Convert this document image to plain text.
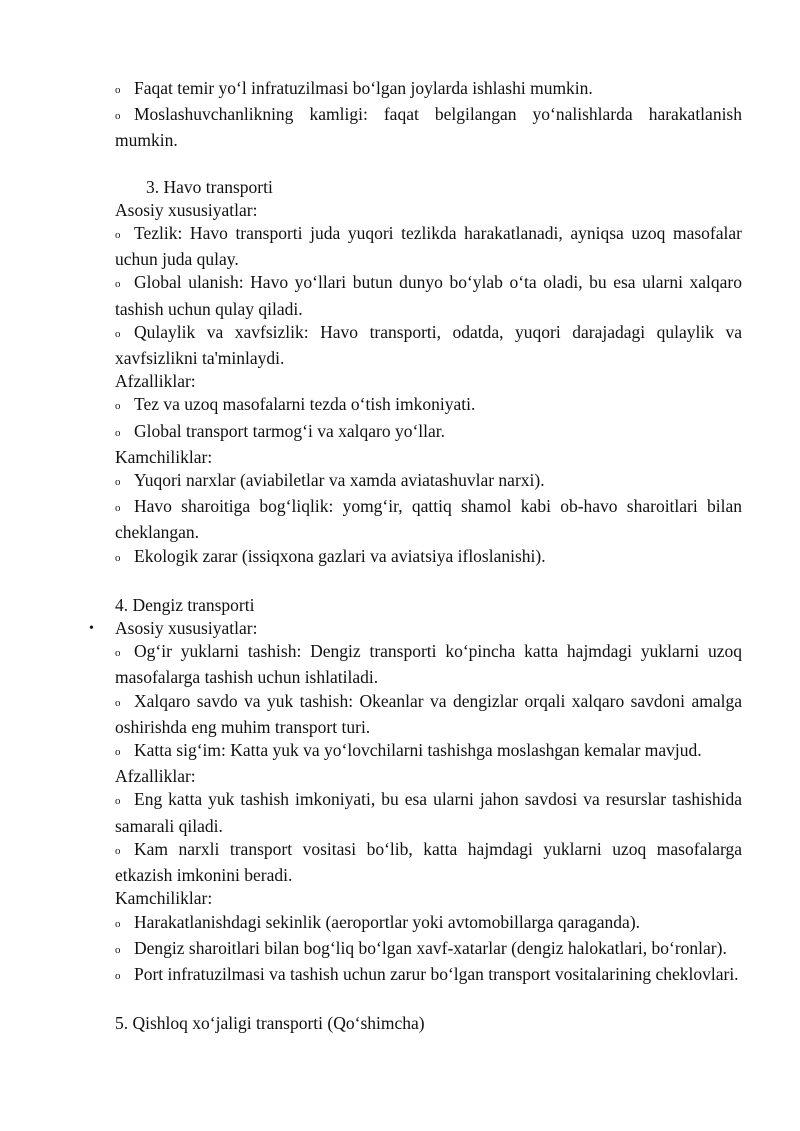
o Faqat temir yo‘l infratuzilmasi bo‘lgan joylarda ishlashi mumkin.

o Moslashuvchanlikning kamligi: faqat belgilangan yo‘nalishlarda harakatlanish mumkin.

3. Havo transporti

Asosiy xususiyatlar:

o Tezlik: Havo transporti juda yuqori tezlikda harakatlanadi, ayniqsa uzoq masofalar uchun juda qulay.

o Global ulanish: Havo yo‘llari butun dunyo bo‘ylab o‘ta oladi, bu esa ularni xalqaro tashish uchun qulay qiladi.

o Qulaylik va xavfsizlik: Havo transporti, odatda, yuqori darajadagi qulaylik va xavfsizlikni ta'minlaydi.

Afzalliklar:

o Tez va uzoq masofalarni tezda o‘tish imkoniyati.

o Global transport tarmog‘i va xalqaro yo‘llar.

Kamchiliklar:

o Yuqori narxlar (aviabiletlar va xamda aviatashuvlar narxi).

o Havo sharoitiga bog‘liqlik: yomg‘ir, qattiq shamol kabi ob-havo sharoitlari bilan cheklangan.

o Ekologik zarar (issiqxona gazlari va aviatsiya ifloslanishi).

4. Dengiz transporti

• Asosiy xususiyatlar:

o Og‘ir yuklarni tashish: Dengiz transporti ko‘pincha katta hajmdagi yuklarni uzoq masofalarga tashish uchun ishlatiladi.

o Xalqaro savdo va yuk tashish: Okeanlar va dengizlar orqali xalqaro savdoni amalga oshirishda eng muhim transport turi.

o Katta sig‘im: Katta yuk va yo‘lovchilarni tashishga moslashgan kemalar mavjud.

Afzalliklar:

o Eng katta yuk tashish imkoniyati, bu esa ularni jahon savdosi va resurslar tashishida samarali qiladi.

o Kam narxli transport vositasi bo‘lib, katta hajmdagi yuklarni uzoq masofalarga etkazish imkonini beradi.

Kamchiliklar:

o Harakatlanishdagi sekinlik (aeroportlar yoki avtomobillarga qaraganda).

o Dengiz sharoitlari bilan bog‘liq bo‘lgan xavf-xatarlar (dengiz halokatlari, bo‘ronlar).

o Port infratuzilmasi va tashish uchun zarur bo‘lgan transport vositalarining cheklovlari.

5. Qishloq xo‘jaligi transporti (Qo‘shimcha)
